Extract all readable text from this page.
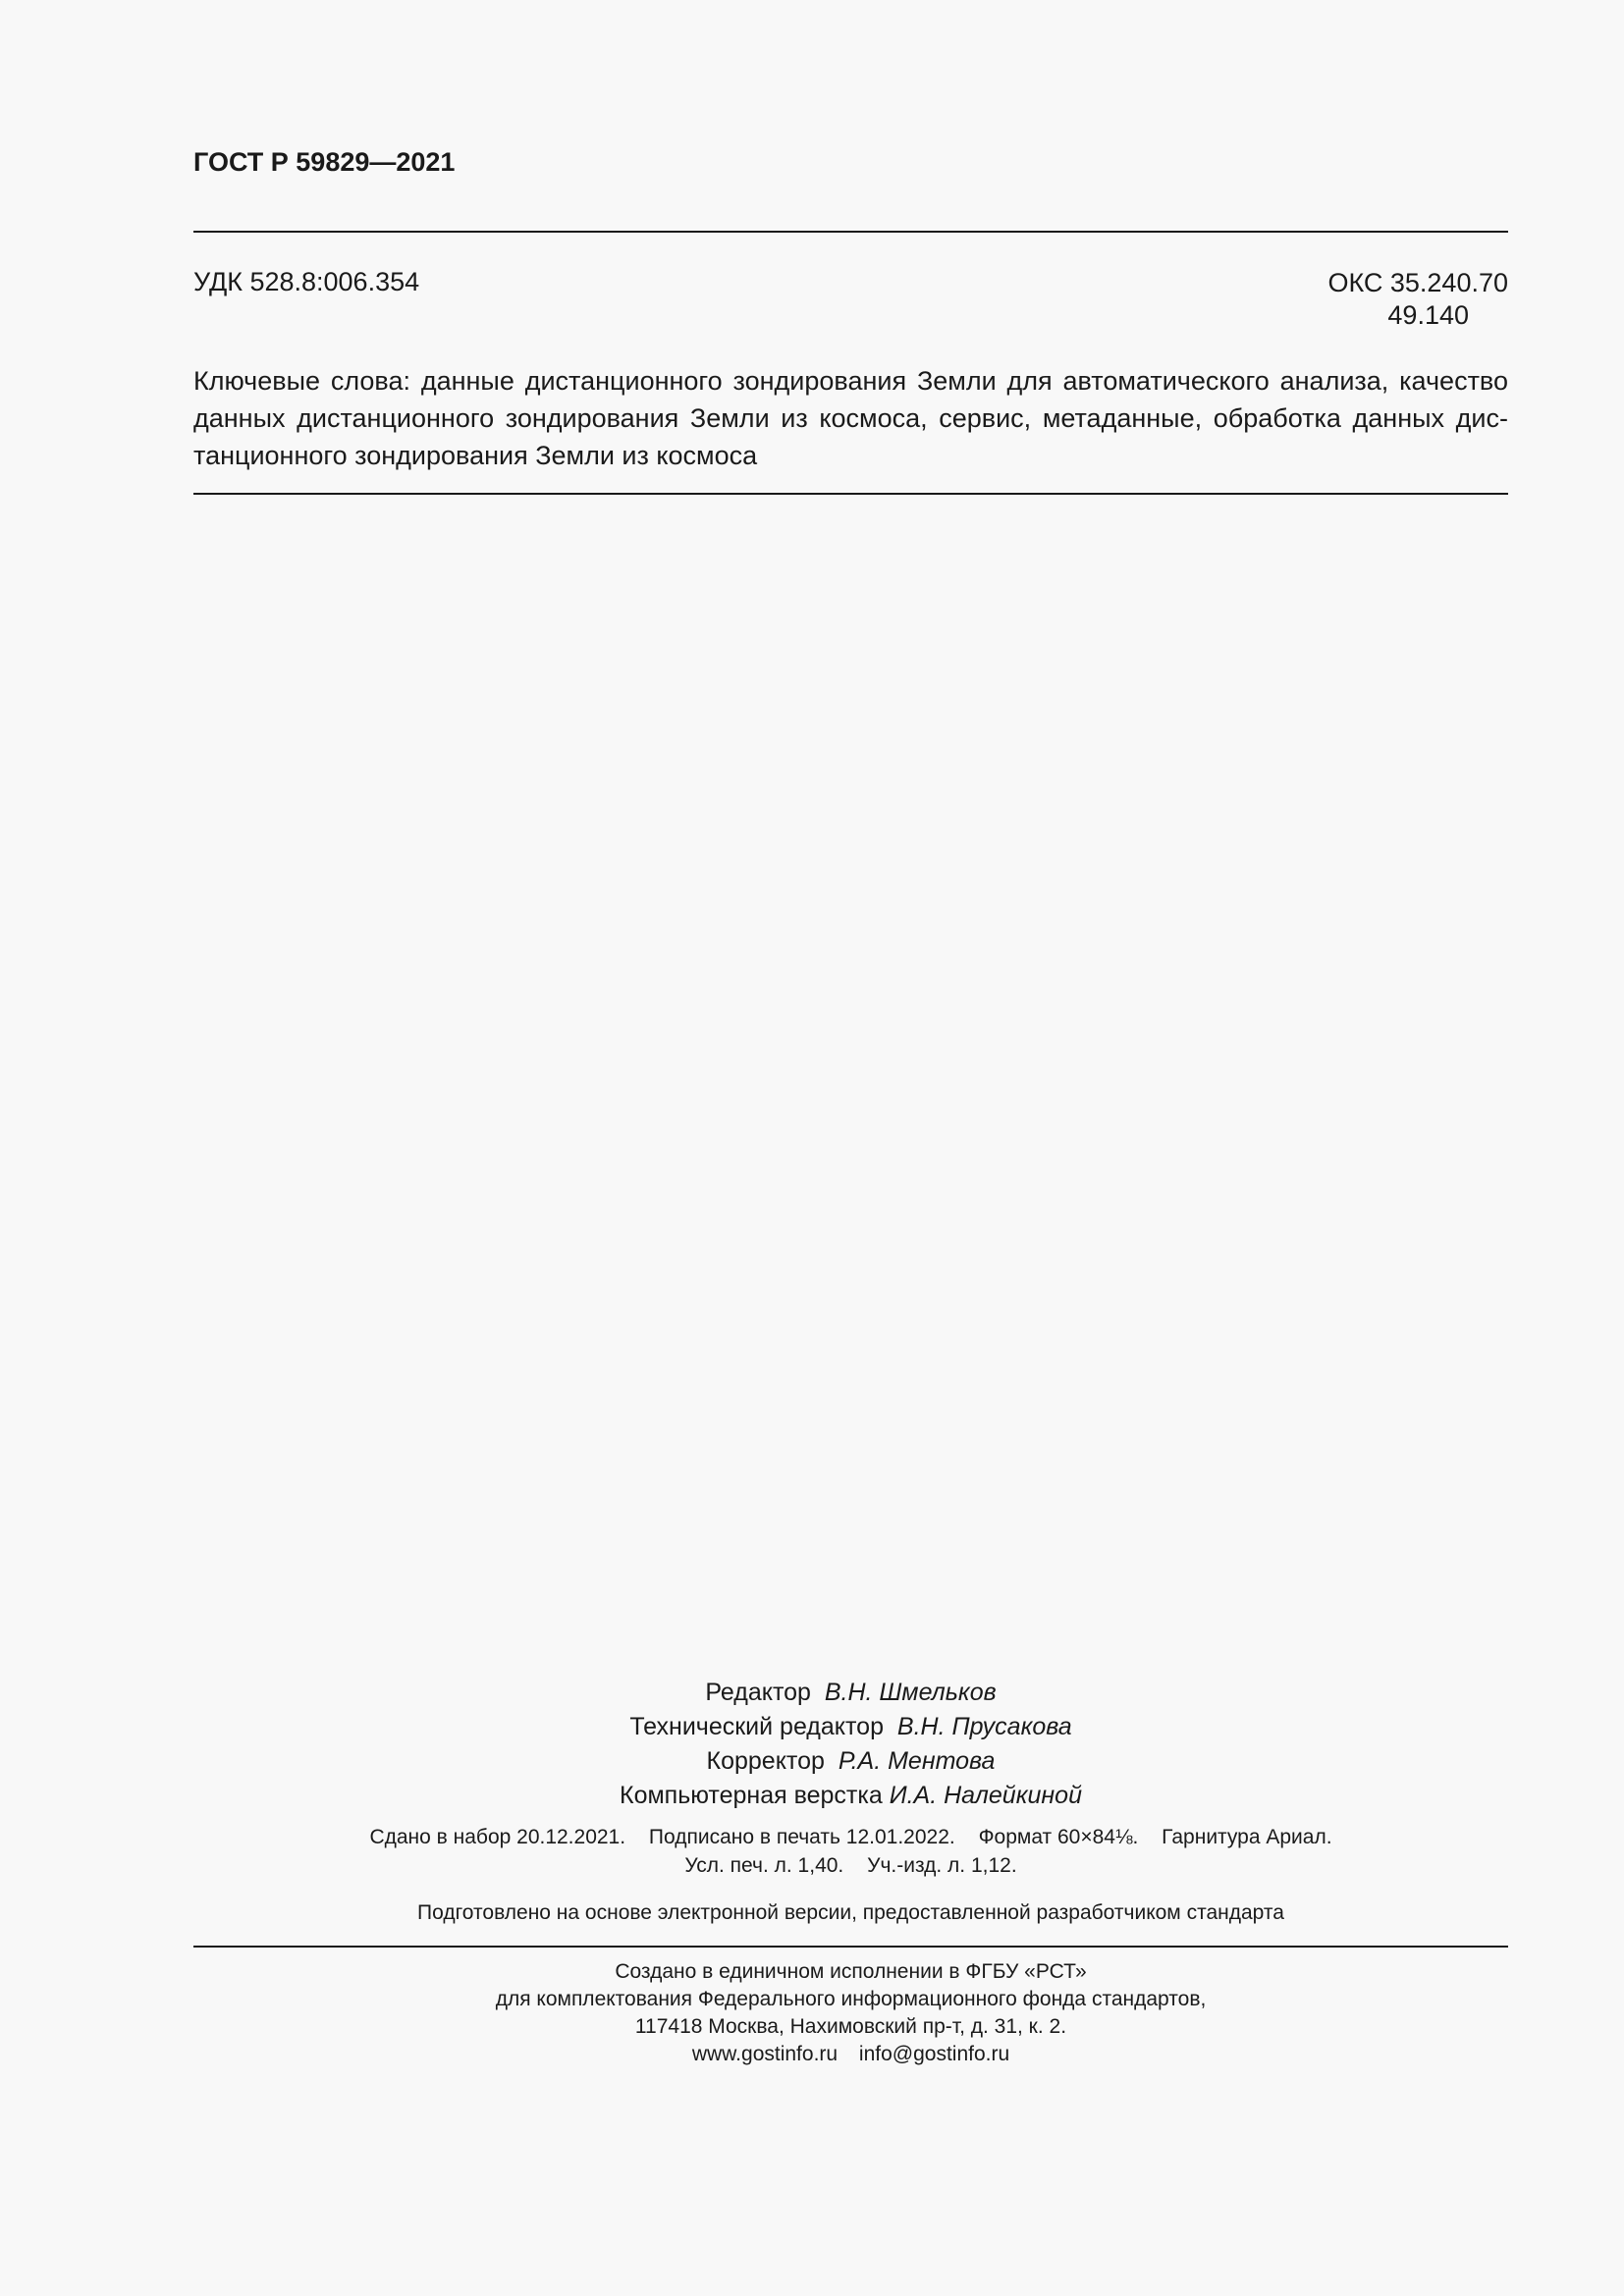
ГОСТ Р 59829—2021
УДК 528.8:006.354	ОКС 35.240.70
49.140
Ключевые слова: данные дистанционного зондирования Земли для автоматического анализа, качество
данных дистанционного зондирования Земли из космоса, сервис, метаданные, обработка данных дис-
танционного зондирования Земли из космоса
Редактор В.Н. Шмельков
Технический редактор В.Н. Прусакова
Корректор Р.А. Ментова
Компьютерная верстка И.А. Налейкиной
Сдано в набор 20.12.2021. Подписано в печать 12.01.2022. Формат 60×84⅛. Гарнитура Ариал.
Усл. печ. л. 1,40. Уч.-изд. л. 1,12.
Подготовлено на основе электронной версии, предоставленной разработчиком стандарта
Создано в единичном исполнении в ФГБУ «РСТ»
для комплектования Федерального информационного фонда стандартов,
117418 Москва, Нахимовский пр-т, д. 31, к. 2.
www.gostinfo.ru info@gostinfo.ru
